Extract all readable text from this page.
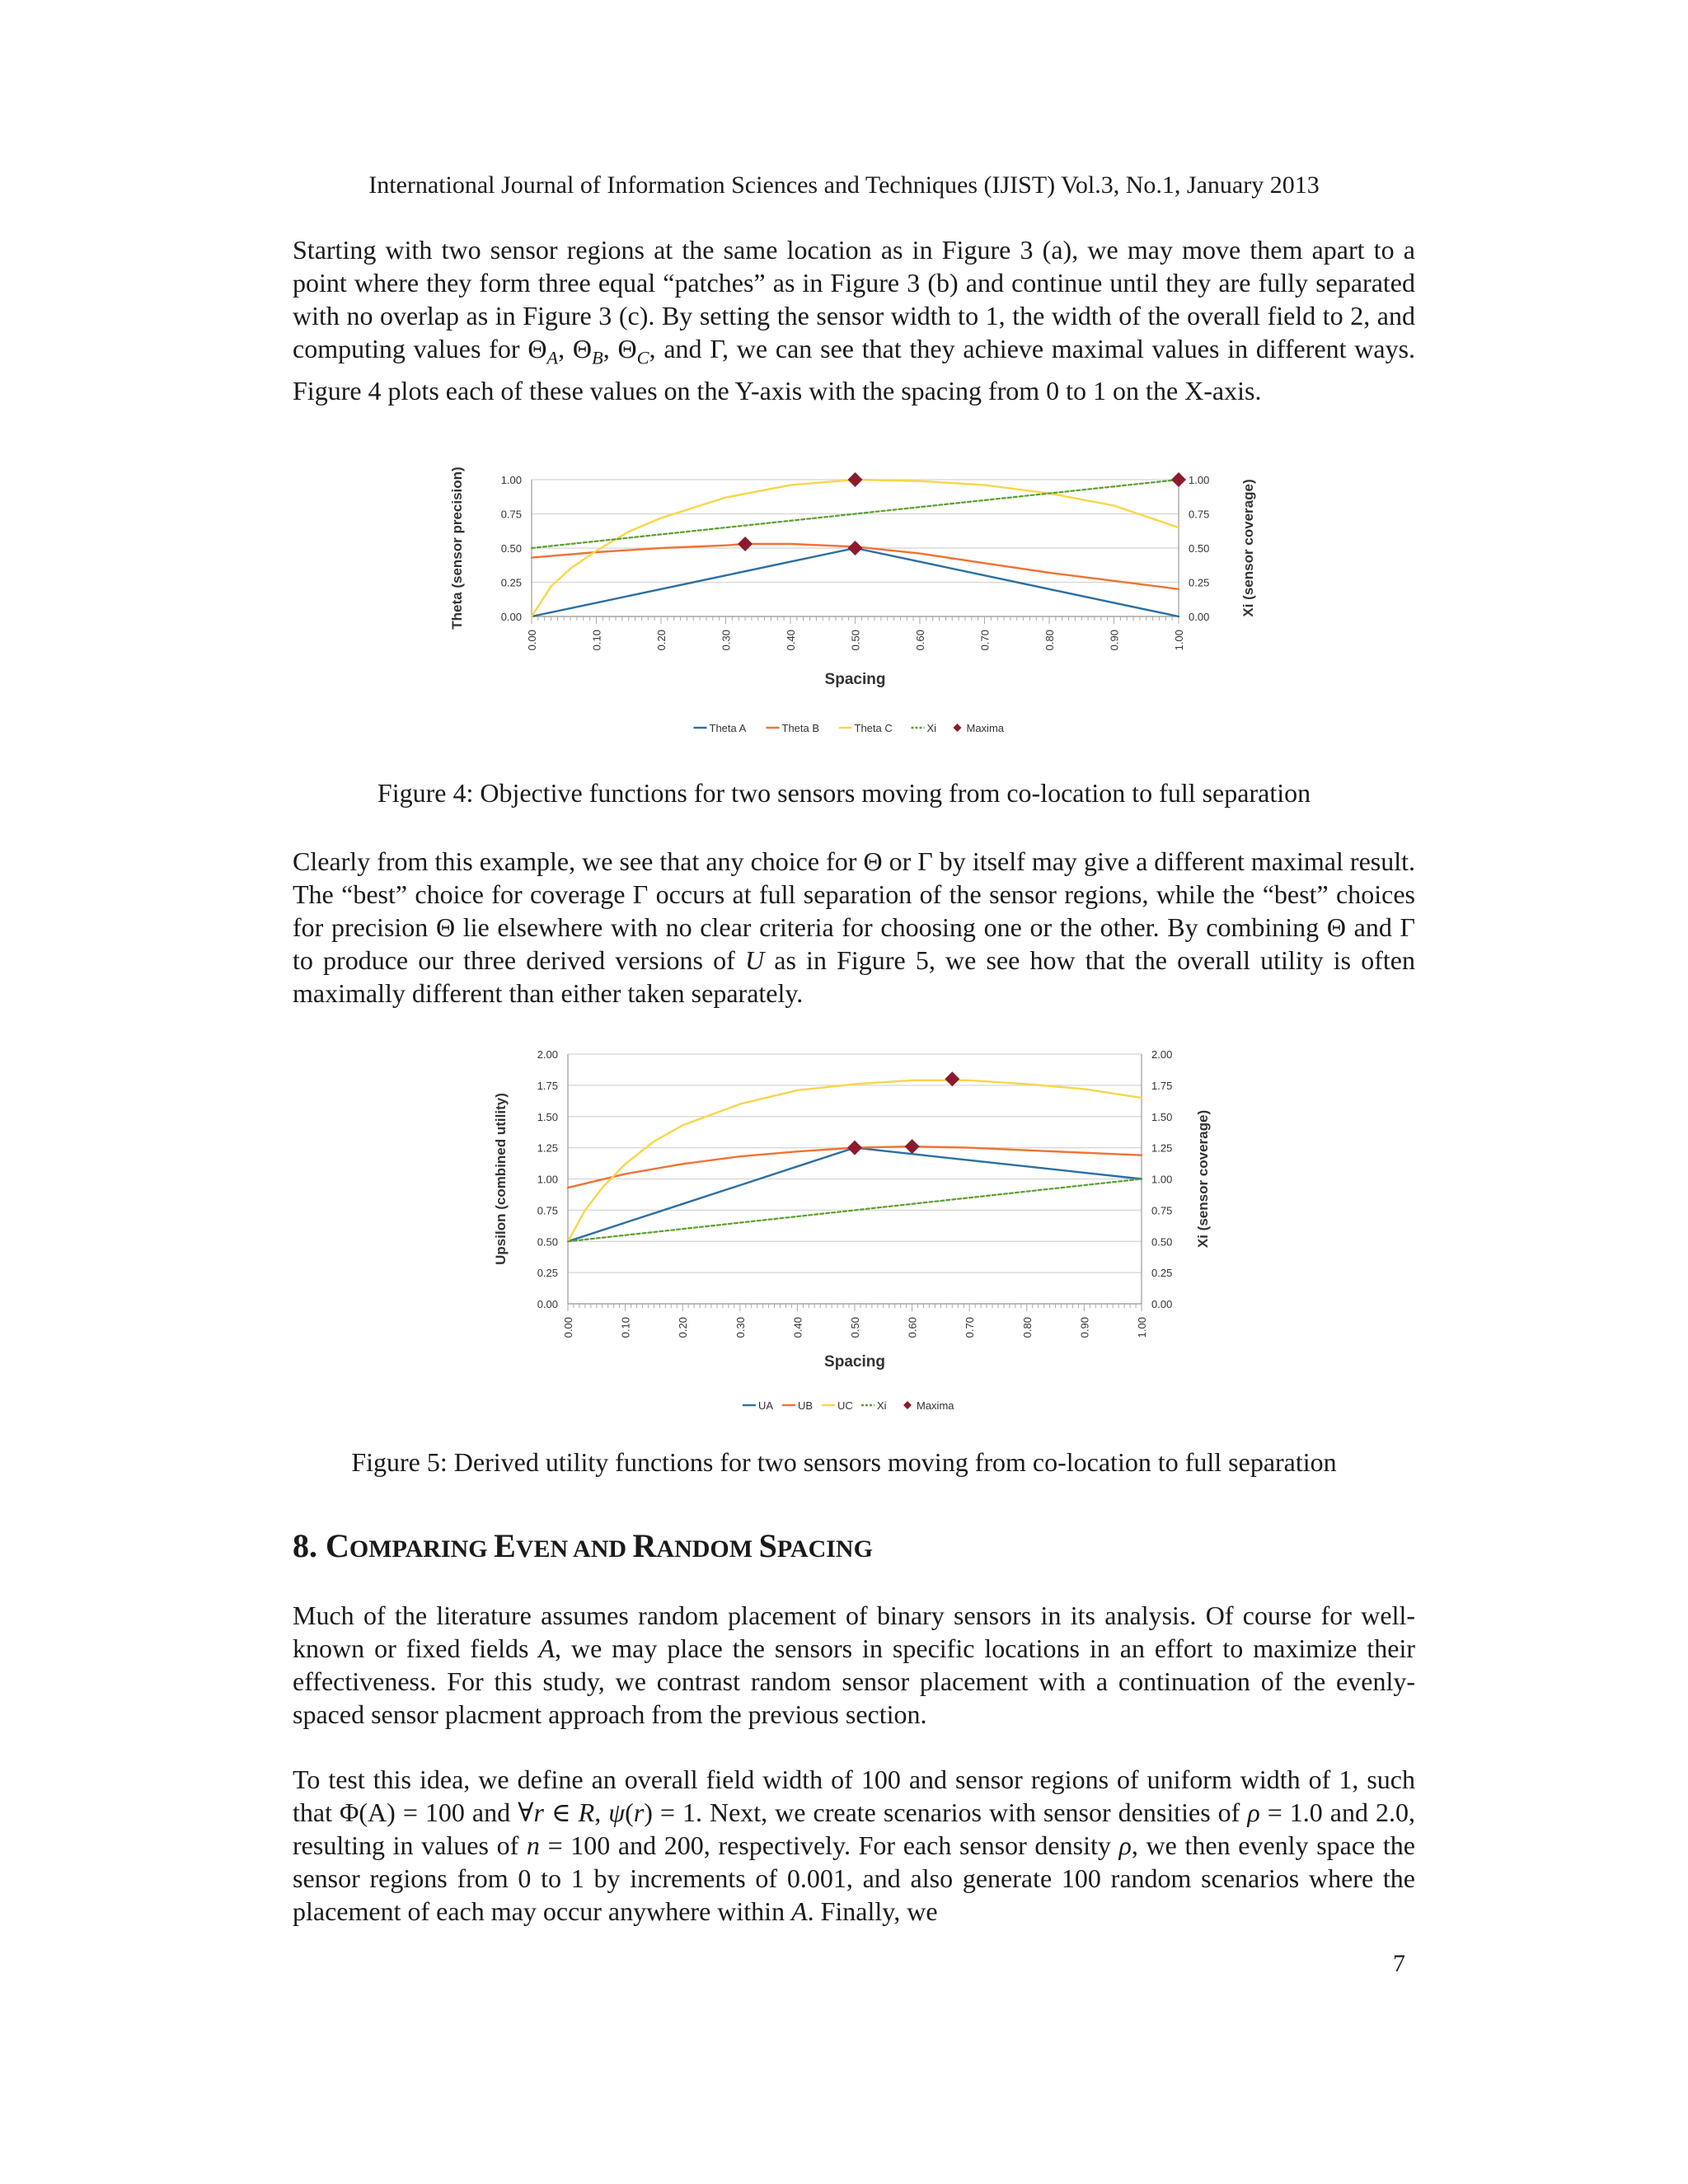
International Journal of Information Sciences and Techniques (IJIST) Vol.3, No.1, January 2013

Starting with two sensor regions at the same location as in Figure 3 (a), we may move them apart to a point where they form three equal “patches” as in Figure 3 (b) and continue until they are fully separated with no overlap as in Figure 3 (c). By setting the sensor width to 1, the width of the overall field to 2, and computing values for $\Theta_A$, $\Theta_B$, $\Theta_C$, and Γ, we can see that they achieve maximal values in different ways. Figure 4 plots each of these values on the Y-axis with the spacing from 0 to 1 on the X-axis.

0.00	0.00
0.25	0.25
0.50	0.50
0.75	0.75
1.00	1.00
0.00	0.10	0.20	0.30	0.40	0.50	0.60	0.70	0.80	0.90	1.00
Spacing
Theta (sensor precision)	Xi (sensor coverage)
Theta A	Theta B	Theta C	Xi	Maxima
Figure 4: Objective functions for two sensors moving from co-location to full separation

Clearly from this example, we see that any choice for Θ or Γ by itself may give a different maximal result. The “best” choice for coverage Γ occurs at full separation of the sensor regions, while the “best” choices for precision Θ lie elsewhere with no clear criteria for choosing one or the other. By combining Θ and Γ to produce our three derived versions of U as in Figure 5, we see how that the overall utility is often maximally different than either taken separately.

0.00	0.00
0.25	0.25
0.50	0.50
0.75	0.75
1.00	1.00
1.25	1.25
1.50	1.50
1.75	1.75
2.00	2.00
0.00	0.10	0.20	0.30	0.40	0.50	0.60	0.70	0.80	0.90	1.00
Spacing
Upsilon (combined utility)	Xi (sensor coverage)
UA UB UC Xi	Maxima
Figure 5: Derived utility functions for two sensors moving from co-location to full separation
8. COMPARING EVEN AND RANDOM SPACING

Much of the literature assumes random placement of binary sensors in its analysis. Of course for well-known or fixed fields A, we may place the sensors in specific locations in an effort to maximize their effectiveness. For this study, we contrast random sensor placement with a continuation of the evenly-spaced sensor placment approach from the previous section.

To test this idea, we define an overall field width of 100 and sensor regions of uniform width of 1, such that Φ(A) = 100 and ∀r ∈ R, ψ(r) = 1. Next, we create scenarios with sensor densities of ρ = 1.0 and 2.0, resulting in values of n = 100 and 200, respectively. For each sensor density ρ, we then evenly space the sensor regions from 0 to 1 by increments of 0.001, and also generate 100 random scenarios where the placement of each may occur anywhere within A. Finally, we

7
